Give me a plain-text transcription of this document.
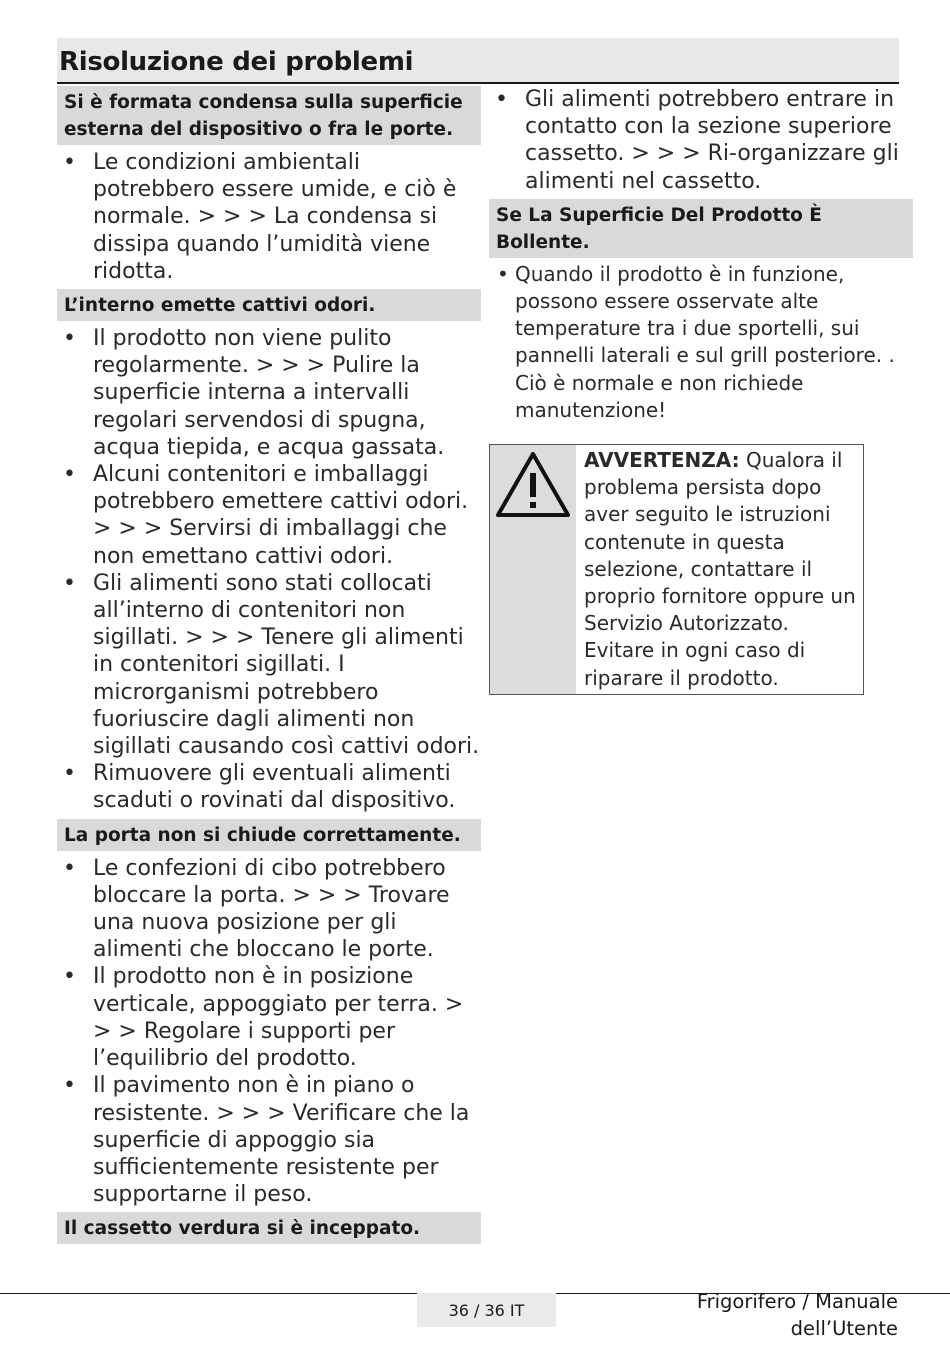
Risoluzione dei problemi
Si è formata condensa sulla superficie esterna del dispositivo o fra le porte.
• Le condizioni ambientali potrebbero essere umide, e ciò è normale. > > > La condensa si dissipa quando l’umidità viene ridotta.
L’interno emette cattivi odori.
• Il prodotto non viene pulito regolarmente. > > > Pulire la superficie interna a intervalli regolari servendosi di spugna, acqua tiepida, e acqua gassata.
• Alcuni contenitori e imballaggi potrebbero emettere cattivi odori. > > > Servirsi di imballaggi che non emettano cattivi odori.
• Gli alimenti sono stati collocati all’interno di contenitori non sigillati. > > > Tenere gli alimenti in contenitori sigillati. I microrganismi potrebbero fuoriuscire dagli alimenti non sigillati causando così cattivi odori.
• Rimuovere gli eventuali alimenti scaduti o rovinati dal dispositivo.
La porta non si chiude correttamente.
• Le confezioni di cibo potrebbero bloccare la porta. > > > Trovare una nuova posizione per gli alimenti che bloccano le porte.
• Il prodotto non è in posizione verticale, appoggiato per terra. > > > Regolare i supporti per l’equilibrio del prodotto.
• Il pavimento non è in piano o resistente. > > > Verificare che la superficie di appoggio sia sufficientemente resistente per supportarne il peso.
Il cassetto verdura si è inceppato.
• Gli alimenti potrebbero entrare in contatto con la sezione superiore cassetto. > > > Ri-organizzare gli alimenti nel cassetto.
Se La Superficie Del Prodotto È Bollente.
• Quando il prodotto è in funzione, possono essere osservate alte temperature tra i due sportelli, sui pannelli laterali e sul grill posteriore. . Ciò è normale e non richiede manutenzione!
AVVERTENZA: Qualora il problema persista dopo aver seguito le istruzioni contenute in questa selezione, contattare il proprio fornitore oppure un Servizio Autorizzato. Evitare in ogni caso di riparare il prodotto.
36 / 36 IT	Frigorifero / Manuale
dell’Utente
